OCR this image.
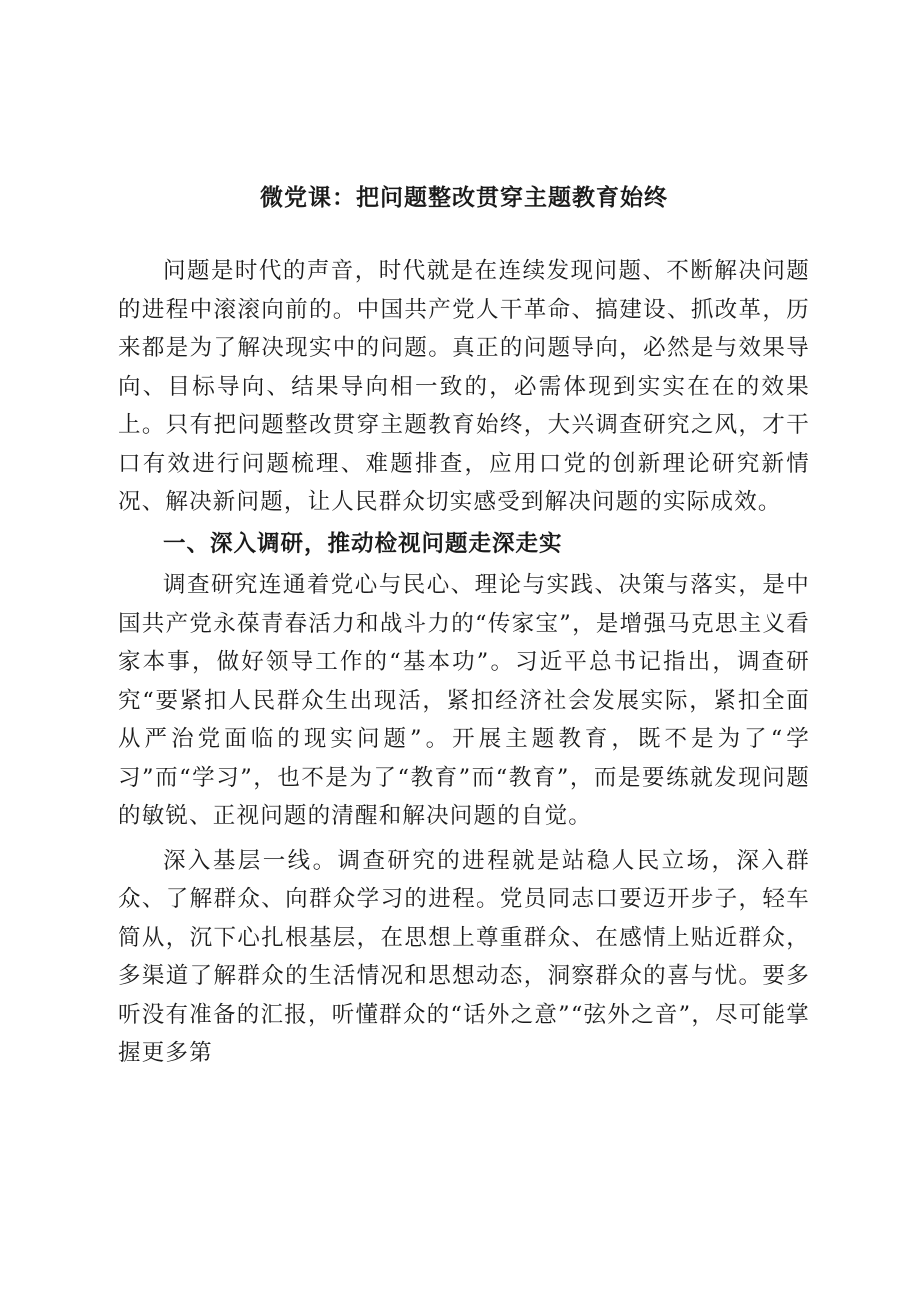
微党课：把问题整改贯穿主题教育始终

问题是时代的声音，时代就是在连续发现问题、不断解决问题的进程中滚滚向前的。中国共产党人干革命、搞建设、抓改革，历来都是为了解决现实中的问题。真正的问题导向，必然是与效果导向、目标导向、结果导向相一致的，必需体现到实实在在的效果上。只有把问题整改贯穿主题教育始终，大兴调查研究之风，才干口有效进行问题梳理、难题排查，应用口党的创新理论研究新情况、解决新问题，让人民群众切实感受到解决问题的实际成效。

一、深入调研，推动检视问题走深走实

调查研究连通着党心与民心、理论与实践、决策与落实，是中国共产党永葆青春活力和战斗力的“传家宝”，是增强马克思主义看家本事，做好领导工作的“基本功”。习近平总书记指出，调查研究“要紧扣人民群众生出现活，紧扣经济社会发展实际，紧扣全面从严治党面临的现实问题”。开展主题教育，既不是为了“学习”而“学习”，也不是为了“教育”而“教育”，而是要练就发现问题的敏锐、正视问题的清醒和解决问题的自觉。

深入基层一线。调查研究的进程就是站稳人民立场，深入群众、了解群众、向群众学习的进程。党员同志口要迈开步子，轻车简从，沉下心扎根基层，在思想上尊重群众、在感情上贴近群众，多渠道了解群众的生活情况和思想动态，洞察群众的喜与忧。要多听没有准备的汇报，听懂群众的“话外之意”“弦外之音”，尽可能掌握更多第
